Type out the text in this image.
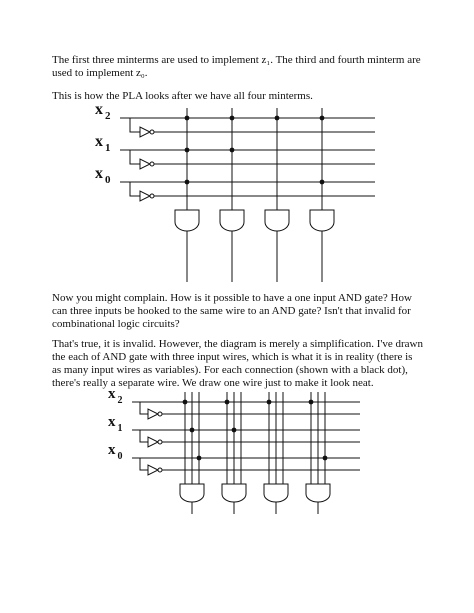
The first three minterms are used to implement z₁. The third and fourth minterm are used to implement z₀.
This is how the PLA looks after we have all four minterms.
x $_2$
x $_1$
x $_0$
Now you might complain. How is it possible to have a one input AND gate? How can three inputs be hooked to the same wire to an AND gate? Isn't that invalid for combinational logic circuits?
That's true, it is invalid. However, the diagram is merely a simplification. I've drawn the each of AND gate with three input wires, which is what it is in reality (there is as many input wires as variables). For each connection (shown with a black dot), there's really a separate wire. We draw one wire just to make it look neat.
x $_2$
x $_1$
x $_0$
